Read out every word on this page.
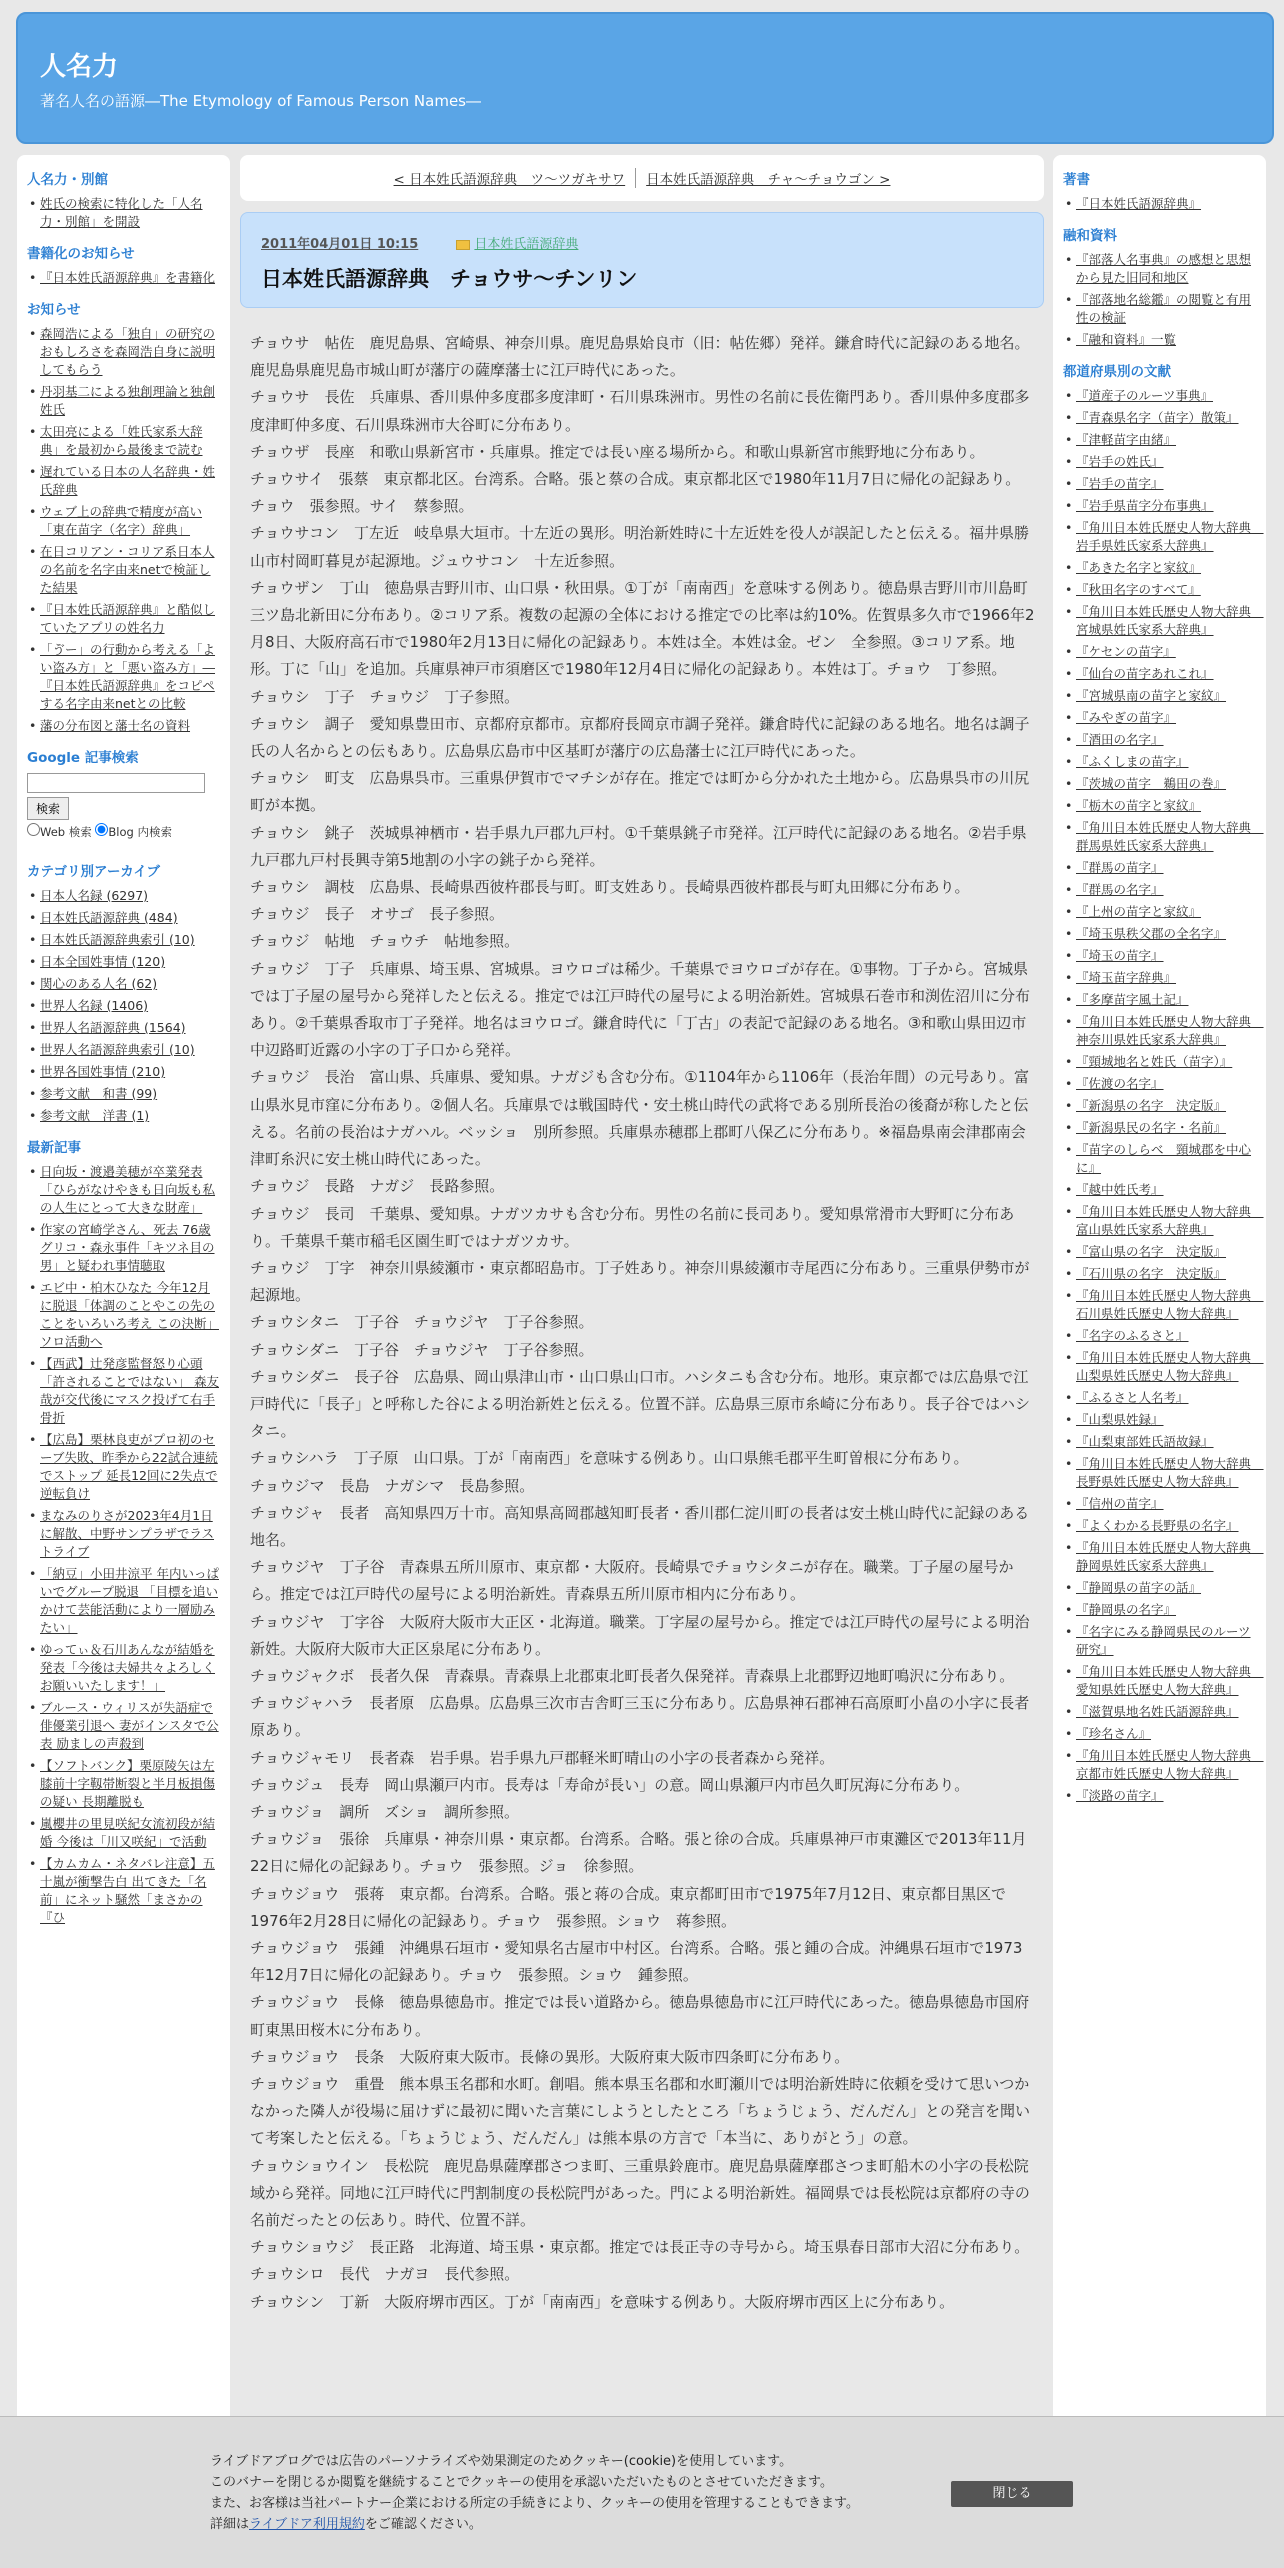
人名力
著名人名の語源―The Etymology of Famous Person Names―
人名力・別館
• 姓氏の検索に特化した「人名力・別館」を開設
書籍化のお知らせ
• 『日本姓氏語源辞典』を書籍化
お知らせ
• 森岡浩による「独自」の研究のおもしろさを森岡浩自身に説明してもらう
• 丹羽基二による独創理論と独創姓氏
• 太田亮による「姓氏家系大辞典」を最初から最後まで読む
• 遅れている日本の人名辞典・姓氏辞典
• ウェブ上の辞典で精度が高い「東在苗字（名字）辞典」
• 在日コリアン・コリア系日本人の名前を名字由来netで検証した結果
• 『日本姓氏語源辞典』と酷似していたアプリの姓名力
• 「ゔー」の行動から考える「よい盗み方」と「悪い盗み方」―『日本姓氏語源辞典』をコピペする名字由来netとの比較
• 藩の分布図と藩士名の資料
Google 記事検索
検索
Web 検索 Blog 内検索
カテゴリ別アーカイブ
• 日本人名録 (6297)
• 日本姓氏語源辞典 (484)
• 日本姓氏語源辞典索引 (10)
• 日本全国姓事情 (120)
• 関心のある人名 (62)
• 世界人名録 (1406)
• 世界人名語源辞典 (1564)
• 世界人名語源辞典索引 (10)
• 世界各国姓事情 (210)
• 参考文献　和書 (99)
• 参考文献　洋書 (1)
最新記事
• 日向坂・渡邉美穂が卒業発表「ひらがなけやきも日向坂も私の人生にとって大きな財産」
• 作家の宮崎学さん、死去 76歳 グリコ・森永事件「キツネ目の男」と疑われ事情聴取
• エビ中・柏木ひなた 今年12月に脱退「体調のことやこの先のことをいろいろ考え この決断」ソロ活動へ
• 【西武】辻発彦監督怒り心頭「許されることではない」 森友哉が交代後にマスク投げて右手骨折
• 【広島】栗林良吏がプロ初のセーブ失敗、昨季から22試合連続でストップ 延長12回に2失点で逆転負け
• まなみのりさが2023年4月1日に解散、中野サンプラザでラストライブ
• 「納豆」小田井涼平 年内いっぱいでグループ脱退 「目標を追いかけて芸能活動により一層励みたい」
• ゆってぃ＆石川あんなが結婚を発表「今後は夫婦共々よろしくお願いいたします！」
• ブルース・ウィリスが失語症で俳優業引退へ 妻がインスタで公表 励ましの声殺到
• 【ソフトバンク】栗原陵矢は左膝前十字靱帯断裂と半月板損傷の疑い 長期離脱も
• 嵐櫻井の里見咲紀女流初段が結婚 今後は「川又咲紀」で活動
• 【カムカム・ネタバレ注意】五十嵐が衝撃告白 出てきた「名前」にネット騒然「まさかの『ひ
著書
• 『日本姓氏語源辞典』
融和資料
• 『部落人名事典』の感想と思想から見た旧同和地区
• 『部落地名総鑑』の閲覧と有用性の検証
• 『融和資料』一覧
都道府県別の文献
• 『道産子のルーツ事典』
• 『青森県名字（苗字）散策』
• 『津軽苗字由緒』
• 『岩手の姓氏』
• 『岩手の苗字』
• 『岩手県苗字分布事典』
• 『角川日本姓氏歴史人物大辞典　岩手県姓氏家系大辞典』
• 『あきた名字と家紋』
• 『秋田名字のすべて』
• 『角川日本姓氏歴史人物大辞典　宮城県姓氏家系大辞典』
• 『ケセンの苗字』
• 『仙台の苗字あれこれ』
• 『宮城県南の苗字と家紋』
• 『みやぎの苗字』
• 『酒田の名字』
• 『ふくしまの苗字』
• 『茨城の苗字　鵜田の巻』
• 『栃木の苗字と家紋』
• 『角川日本姓氏歴史人物大辞典　群馬県姓氏家系大辞典』
• 『群馬の苗字』
• 『群馬の名字』
• 『上州の苗字と家紋』
• 『埼玉県秩父郡の全名字』
• 『埼玉の苗字』
• 『埼玉苗字辞典』
• 『多摩苗字風土記』
• 『角川日本姓氏歴史人物大辞典　神奈川県姓氏家系大辞典』
• 『頸城地名と姓氏（苗字）』
• 『佐渡の名字』
• 『新潟県の名字　決定版』
• 『新潟県民の名字・名前』
• 『苗字のしらべ　頸城郡を中心に』
• 『越中姓氏考』
• 『角川日本姓氏歴史人物大辞典　富山県姓氏家系大辞典』
• 『富山県の名字　決定版』
• 『石川県の名字　決定版』
• 『角川日本姓氏歴史人物大辞典　石川県姓氏歴史人物大辞典』
• 『名字のふるさと』
• 『角川日本姓氏歴史人物大辞典　山梨県姓氏歴史人物大辞典』
• 『ふるさと人名考』
• 『山梨県姓録』
• 『山梨東部姓氏語故録』
• 『角川日本姓氏歴史人物大辞典　長野県姓氏歴史人物大辞典』
• 『信州の苗字』
• 『よくわかる長野県の名字』
• 『角川日本姓氏歴史人物大辞典　静岡県姓氏家系大辞典』
• 『静岡県の苗字の話』
• 『静岡県の名字』
• 『名字にみる静岡県民のルーツ研究』
• 『角川日本姓氏歴史人物大辞典　愛知県姓氏歴史人物大辞典』
• 『滋賀県地名姓氏語源辞典』
• 『珍名さん』
• 『角川日本姓氏歴史人物大辞典　京都市姓氏歴史人物大辞典』
• 『淡路の苗字』
< 日本姓氏語源辞典　ツ～ツガキサワ	日本姓氏語源辞典　チャ～チョウゴン >
2011年04月01日 10:15	日本姓氏語源辞典
日本姓氏語源辞典　チョウサ～チンリン

チョウサ　帖佐　鹿児島県、宮崎県、神奈川県。鹿児島県姶良市（旧：帖佐郷）発祥。鎌倉時代に記録のある地名。鹿児島県鹿児島市城山町が藩庁の薩摩藩士に江戸時代にあった。

チョウサ　長佐　兵庫県、香川県仲多度郡多度津町・石川県珠洲市。男性の名前に長佐衛門あり。香川県仲多度郡多度津町仲多度、石川県珠洲市大谷町に分布あり。

チョウザ　長座　和歌山県新宮市・兵庫県。推定では長い座る場所から。和歌山県新宮市熊野地に分布あり。

チョウサイ　張蔡　東京都北区。台湾系。合略。張と蔡の合成。東京都北区で1980年11月7日に帰化の記録あり。チョウ　張参照。サイ　蔡参照。

チョウサコン　丁左近　岐阜県大垣市。十左近の異形。明治新姓時に十左近姓を役人が誤記したと伝える。福井県勝山市村岡町暮見が起源地。ジュウサコン　十左近参照。

チョウザン　丁山　徳島県吉野川市、山口県・秋田県。①丁が「南南西」を意味する例あり。徳島県吉野川市川島町三ツ島北新田に分布あり。②コリア系。複数の起源の全体における推定での比率は約10%。佐賀県多久市で1966年2月8日、大阪府高石市で1980年2月13日に帰化の記録あり。本姓は全。本姓は金。ゼン　全参照。③コリア系。地形。丁に「山」を追加。兵庫県神戸市須磨区で1980年12月4日に帰化の記録あり。本姓は丁。チョウ　丁参照。

チョウシ　丁子　チョウジ　丁子参照。

チョウシ　調子　愛知県豊田市、京都府京都市。京都府長岡京市調子発祥。鎌倉時代に記録のある地名。地名は調子氏の人名からとの伝もあり。広島県広島市中区基町が藩庁の広島藩士に江戸時代にあった。

チョウシ　町支　広島県呉市。三重県伊賀市でマチシが存在。推定では町から分かれた土地から。広島県呉市の川尻町が本拠。

チョウシ　銚子　茨城県神栖市・岩手県九戸郡九戸村。①千葉県銚子市発祥。江戸時代に記録のある地名。②岩手県九戸郡九戸村長興寺第5地割の小字の銚子から発祥。

チョウシ　調枝　広島県、長崎県西彼杵郡長与町。町支姓あり。長崎県西彼杵郡長与町丸田郷に分布あり。

チョウジ　長子　オサゴ　長子参照。

チョウジ　帖地　チョウチ　帖地参照。

チョウジ　丁子　兵庫県、埼玉県、宮城県。ヨウロゴは稀少。千葉県でヨウロゴが存在。①事物。丁子から。宮城県では丁子屋の屋号から発祥したと伝える。推定では江戸時代の屋号による明治新姓。宮城県石巻市和渕佐沼川に分布あり。②千葉県香取市丁子発祥。地名はヨウロゴ。鎌倉時代に「丁古」の表記で記録のある地名。③和歌山県田辺市中辺路町近露の小字の丁子口から発祥。

チョウジ　長治　富山県、兵庫県、愛知県。ナガジも含む分布。①1104年から1106年（長治年間）の元号あり。富山県氷見市窪に分布あり。②個人名。兵庫県では戦国時代・安土桃山時代の武将である別所長治の後裔が称したと伝える。名前の長治はナガハル。ベッショ　別所参照。兵庫県赤穂郡上郡町八保乙に分布あり。※福島県南会津郡南会津町糸沢に安土桃山時代にあった。

チョウジ　長路　ナガジ　長路参照。

チョウジ　長司　千葉県、愛知県。ナガツカサも含む分布。男性の名前に長司あり。愛知県常滑市大野町に分布あり。千葉県千葉市稲毛区園生町ではナガツカサ。

チョウジ　丁字　神奈川県綾瀬市・東京都昭島市。丁子姓あり。神奈川県綾瀬市寺尾西に分布あり。三重県伊勢市が起源地。

チョウシタニ　丁子谷　チョウジヤ　丁子谷参照。

チョウシダニ　丁子谷　チョウジヤ　丁子谷参照。

チョウシダニ　長子谷　広島県、岡山県津山市・山口県山口市。ハシタニも含む分布。地形。東京都では広島県で江戸時代に「長子」と呼称した谷による明治新姓と伝える。位置不詳。広島県三原市糸崎に分布あり。長子谷ではハシタニ。

チョウシハラ　丁子原　山口県。丁が「南南西」を意味する例あり。山口県熊毛郡平生町曽根に分布あり。

チョウジマ　長島　ナガシマ　長島参照。

チョウジャ　長者　高知県四万十市。高知県高岡郡越知町長者・香川郡仁淀川町の長者は安土桃山時代に記録のある地名。

チョウジヤ　丁子谷　青森県五所川原市、東京都・大阪府。長崎県でチョウシタニが存在。職業。丁子屋の屋号から。推定では江戸時代の屋号による明治新姓。青森県五所川原市相内に分布あり。

チョウジヤ　丁字谷　大阪府大阪市大正区・北海道。職業。丁字屋の屋号から。推定では江戸時代の屋号による明治新姓。大阪府大阪市大正区泉尾に分布あり。

チョウジャクボ　長者久保　青森県。青森県上北郡東北町長者久保発祥。青森県上北郡野辺地町鳴沢に分布あり。

チョウジャハラ　長者原　広島県。広島県三次市吉舎町三玉に分布あり。広島県神石郡神石高原町小畠の小字に長者原あり。

チョウジャモリ　長者森　岩手県。岩手県九戸郡軽米町晴山の小字の長者森から発祥。

チョウジュ　長寿　岡山県瀬戸内市。長寿は「寿命が長い」の意。岡山県瀬戸内市邑久町尻海に分布あり。

チョウジョ　調所　ズショ　調所参照。

チョウジョ　張徐　兵庫県・神奈川県・東京都。台湾系。合略。張と徐の合成。兵庫県神戸市東灘区で2013年11月22日に帰化の記録あり。チョウ　張参照。ジョ　徐参照。

チョウジョウ　張蒋　東京都。台湾系。合略。張と蒋の合成。東京都町田市で1975年7月12日、東京都目黒区で1976年2月28日に帰化の記録あり。チョウ　張参照。ショウ　蒋参照。

チョウジョウ　張鍾　沖縄県石垣市・愛知県名古屋市中村区。台湾系。合略。張と鍾の合成。沖縄県石垣市で1973年12月7日に帰化の記録あり。チョウ　張参照。ショウ　鍾参照。

チョウジョウ　長條　徳島県徳島市。推定では長い道路から。徳島県徳島市に江戸時代にあった。徳島県徳島市国府町東黒田桜木に分布あり。

チョウジョウ　長条　大阪府東大阪市。長條の異形。大阪府東大阪市四条町に分布あり。

チョウジョウ　重畳　熊本県玉名郡和水町。創唱。熊本県玉名郡和水町瀬川では明治新姓時に依頼を受けて思いつかなかった隣人が役場に届けずに最初に聞いた言葉にしようとしたところ「ちょうじょう、だんだん」との発言を聞いて考案したと伝える。「ちょうじょう、だんだん」は熊本県の方言で「本当に、ありがとう」の意。

チョウショウイン　長松院　鹿児島県薩摩郡さつま町、三重県鈴鹿市。鹿児島県薩摩郡さつま町船木の小字の長松院域から発祥。同地に江戸時代に門割制度の長松院門があった。門による明治新姓。福岡県では長松院は京都府の寺の名前だったとの伝あり。時代、位置不詳。

チョウショウジ　長正路　北海道、埼玉県・東京都。推定では長正寺の寺号から。埼玉県春日部市大沼に分布あり。

チョウシロ　長代　ナガヨ　長代参照。

チョウシン　丁新　大阪府堺市西区。丁が「南南西」を意味する例あり。大阪府堺市西区上に分布あり。

ライブドアブログでは広告のパーソナライズや効果測定のためクッキー(cookie)を使用しています。
このバナーを閉じるか閲覧を継続することでクッキーの使用を承認いただいたものとさせていただきます。
また、お客様は当社パートナー企業における所定の手続きにより、クッキーの使用を管理することもできます。
詳細はライブドア利用規約をご確認ください。
閉じる
